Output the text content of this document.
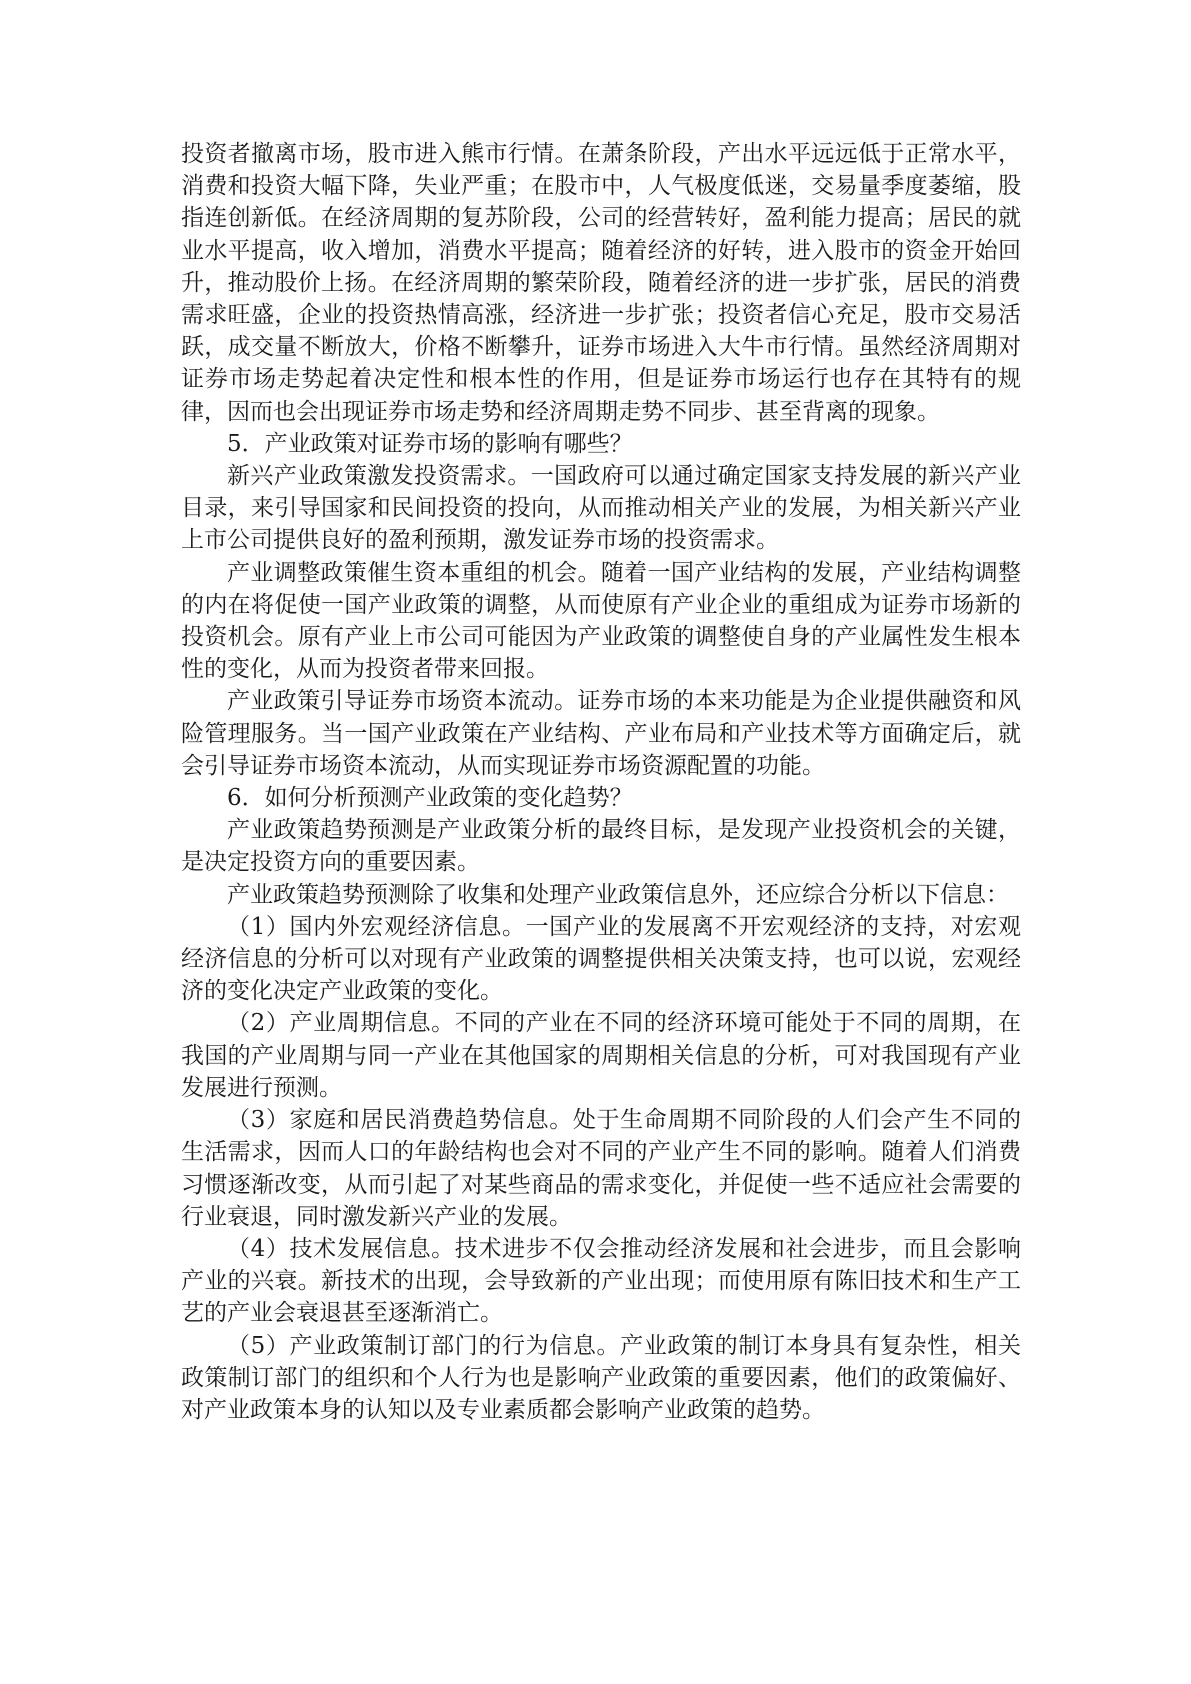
投资者撤离市场，股市进入熊市行情。在萧条阶段，产出水平远远低于正常水平，消费和投资大幅下降，失业严重；在股市中，人气极度低迷，交易量季度萎缩，股指连创新低。在经济周期的复苏阶段，公司的经营转好，盈利能力提高；居民的就业水平提高，收入增加，消费水平提高；随着经济的好转，进入股市的资金开始回升，推动股价上扬。在经济周期的繁荣阶段，随着经济的进一步扩张，居民的消费需求旺盛，企业的投资热情高涨，经济进一步扩张；投资者信心充足，股市交易活跃，成交量不断放大，价格不断攀升，证券市场进入大牛市行情。虽然经济周期对证券市场走势起着决定性和根本性的作用，但是证券市场运行也存在其特有的规律，因而也会出现证券市场走势和经济周期走势不同步、甚至背离的现象。

5．产业政策对证券市场的影响有哪些？

新兴产业政策激发投资需求。一国政府可以通过确定国家支持发展的新兴产业目录，来引导国家和民间投资的投向，从而推动相关产业的发展，为相关新兴产业上市公司提供良好的盈利预期，激发证券市场的投资需求。

产业调整政策催生资本重组的机会。随着一国产业结构的发展，产业结构调整的内在将促使一国产业政策的调整，从而使原有产业企业的重组成为证券市场新的投资机会。原有产业上市公司可能因为产业政策的调整使自身的产业属性发生根本性的变化，从而为投资者带来回报。

产业政策引导证券市场资本流动。证券市场的本来功能是为企业提供融资和风险管理服务。当一国产业政策在产业结构、产业布局和产业技术等方面确定后，就会引导证券市场资本流动，从而实现证券市场资源配置的功能。

6．如何分析预测产业政策的变化趋势？

产业政策趋势预测是产业政策分析的最终目标，是发现产业投资机会的关键，是决定投资方向的重要因素。

产业政策趋势预测除了收集和处理产业政策信息外，还应综合分析以下信息：

（1）国内外宏观经济信息。一国产业的发展离不开宏观经济的支持，对宏观经济信息的分析可以对现有产业政策的调整提供相关决策支持，也可以说，宏观经济的变化决定产业政策的变化。

（2）产业周期信息。不同的产业在不同的经济环境可能处于不同的周期，在我国的产业周期与同一产业在其他国家的周期相关信息的分析，可对我国现有产业发展进行预测。

（3）家庭和居民消费趋势信息。处于生命周期不同阶段的人们会产生不同的生活需求，因而人口的年龄结构也会对不同的产业产生不同的影响。随着人们消费习惯逐渐改变，从而引起了对某些商品的需求变化，并促使一些不适应社会需要的行业衰退，同时激发新兴产业的发展。

（4）技术发展信息。技术进步不仅会推动经济发展和社会进步，而且会影响产业的兴衰。新技术的出现，会导致新的产业出现；而使用原有陈旧技术和生产工艺的产业会衰退甚至逐渐消亡。

（5）产业政策制订部门的行为信息。产业政策的制订本身具有复杂性，相关政策制订部门的组织和个人行为也是影响产业政策的重要因素，他们的政策偏好、对产业政策本身的认知以及专业素质都会影响产业政策的趋势。
